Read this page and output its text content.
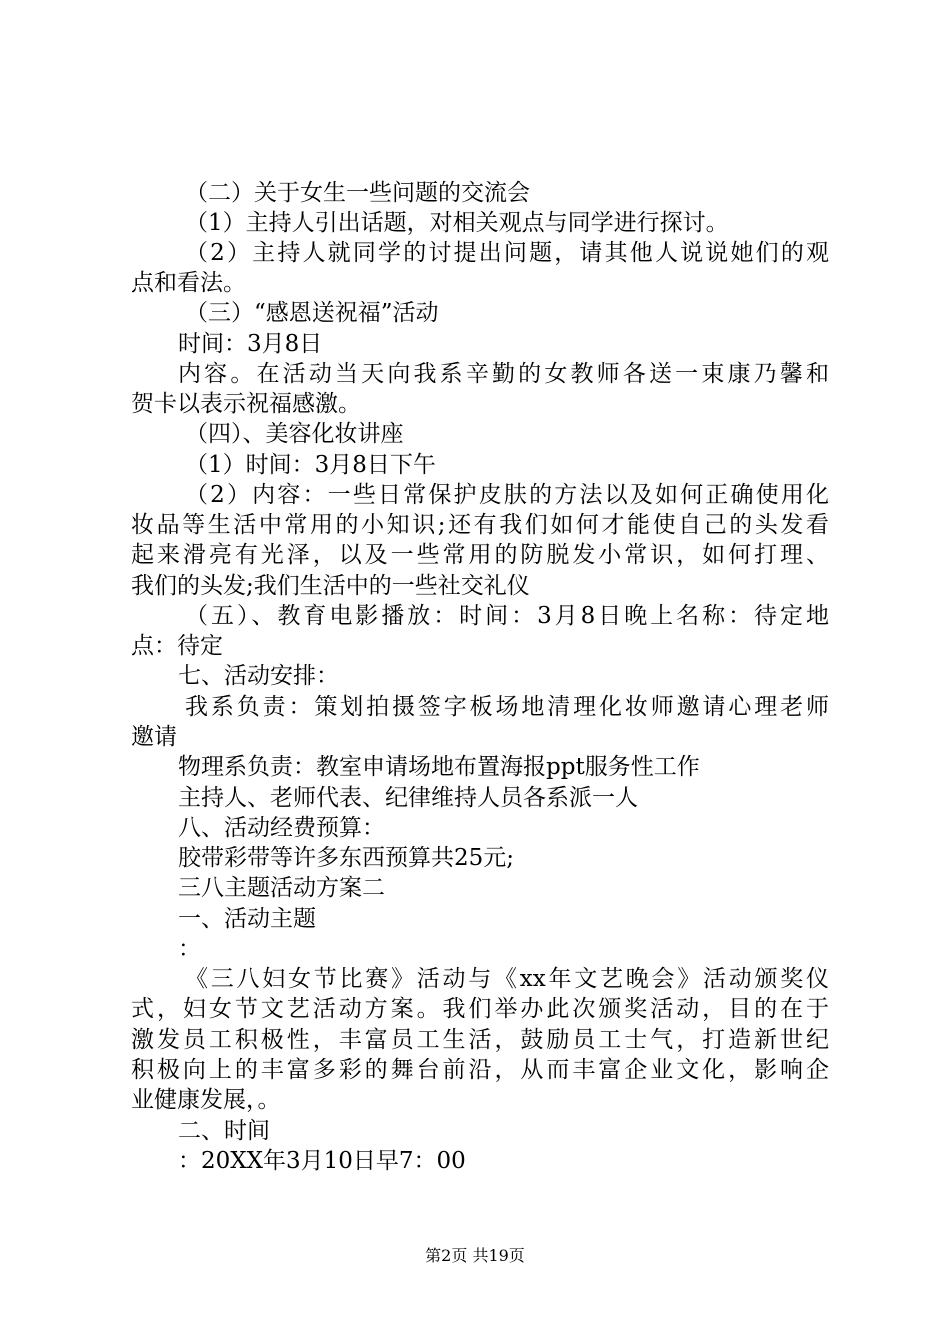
（二）关于女生一些问题的交流会
（1）主持人引出话题，对相关观点与同学进行探讨。
（2）主持人就同学的讨提出问题，请其他人说说她们的观
点和看法。
（三）“感恩送祝福”活动
时间：3月8日
内容。在活动当天向我系辛勤的女教师各送一束康乃馨和
贺卡以表示祝福感激。
（四）、美容化妆讲座
（1）时间：3月8日下午
（2）内容：一些日常保护皮肤的方法以及如何正确使用化
妆品等生活中常用的小知识;还有我们如何才能使自己的头发看
起来滑亮有光泽，以及一些常用的防脱发小常识，如何打理、
我们的头发;我们生活中的一些社交礼仪
（五）、教育电影播放：时间：3月8日晚上名称：待定地
点：待定
七、活动安排：
我系负责：策划拍摄签字板场地清理化妆师邀请心理老师
邀请
物理系负责：教室申请场地布置海报ppt服务性工作
主持人、老师代表、纪律维持人员各系派一人
八、活动经费预算：
胶带彩带等许多东西预算共25元;
三八主题活动方案二
一、活动主题
：
《三八妇女节比赛》活动与《xx年文艺晚会》活动颁奖仪
式，妇女节文艺活动方案。我们举办此次颁奖活动，目的在于
激发员工积极性，丰富员工生活，鼓励员工士气，打造新世纪
积极向上的丰富多彩的舞台前沿，从而丰富企业文化，影响企
业健康发展，。
二、时间
：20XX年3月10日早7：00
第2页 共19页
